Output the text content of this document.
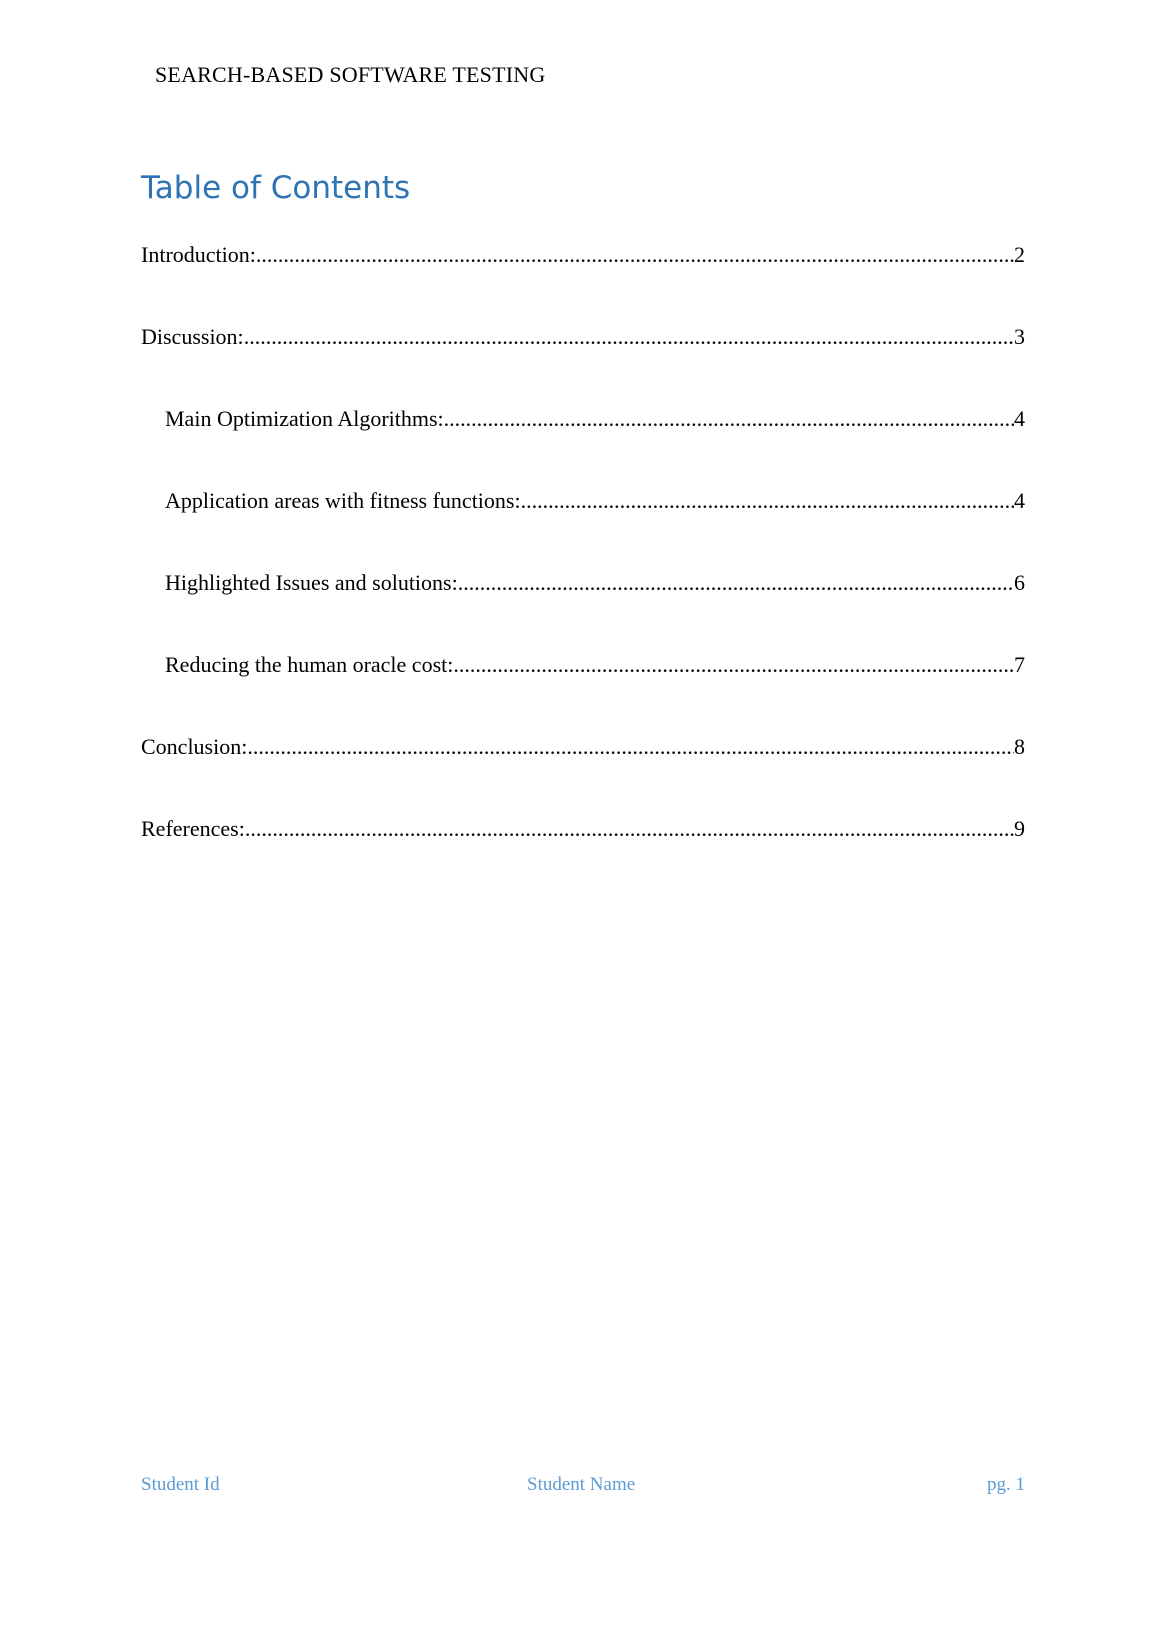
SEARCH-BASED SOFTWARE TESTING
Table of Contents
Introduction: .....	2
Discussion: .....	3
Main Optimization Algorithms: .....	4
Application areas with fitness functions: .....	4
Highlighted Issues and solutions: .....	6
Reducing the human oracle cost: .....	7
Conclusion: .....	8
References: .....	9
Student Id	Student Name	pg. 1
